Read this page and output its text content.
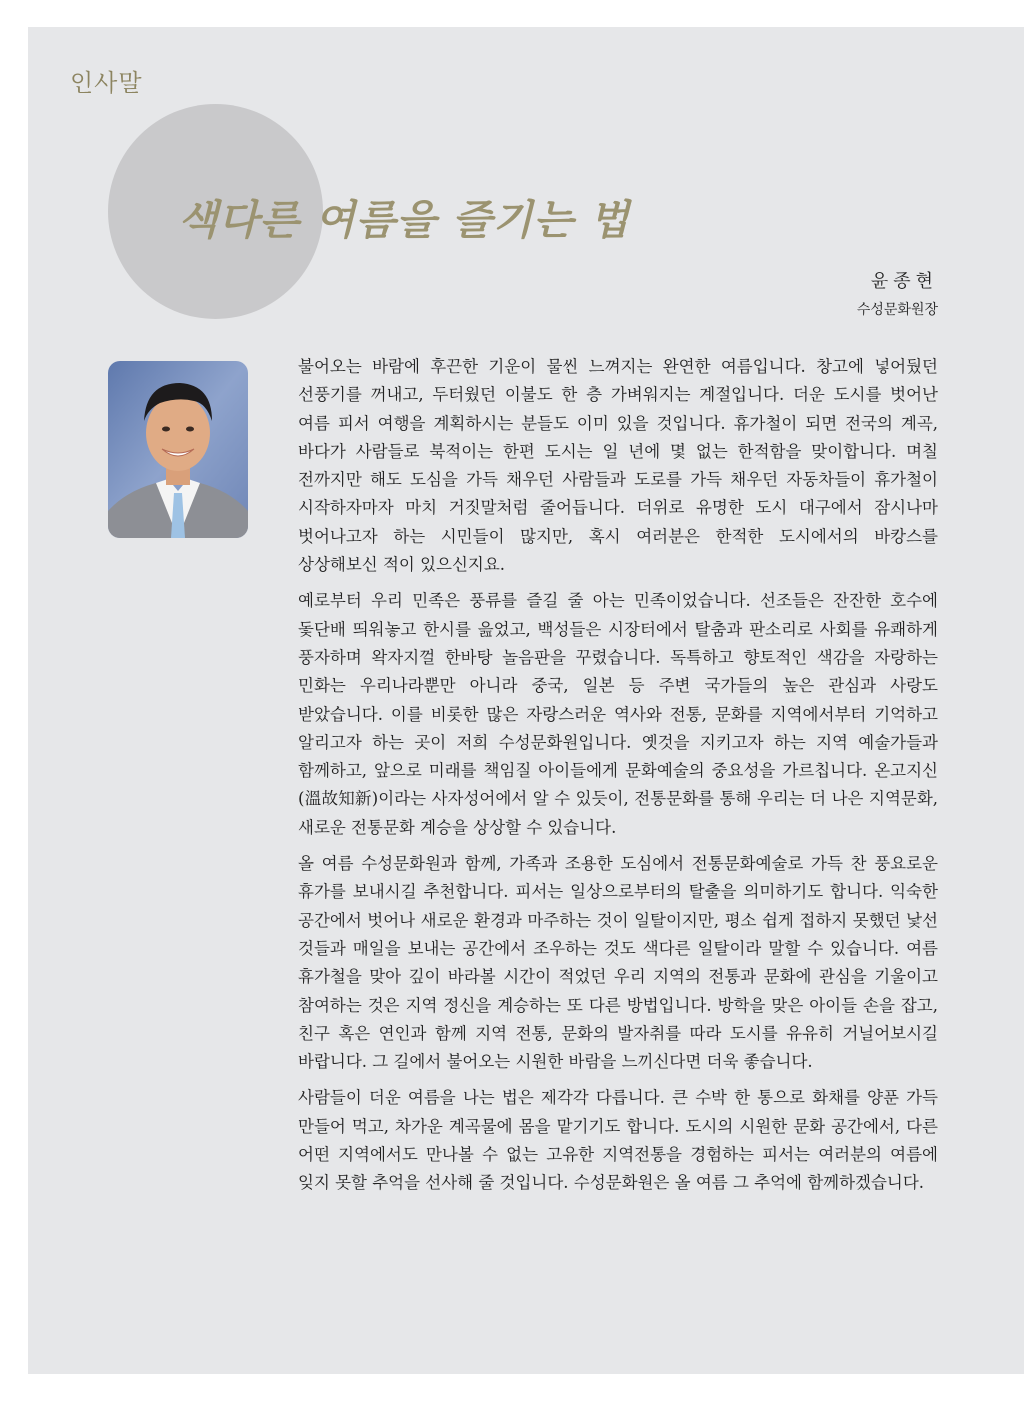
인사말
색다른 여름을 즐기는 법
윤종현
수성문화원장

불어오는 바람에 후끈한 기운이 물씬 느껴지는 완연한 여름입니다. 창고에 넣어뒀던 선풍기를 꺼내고, 두터웠던 이불도 한 층 가벼워지는 계절입니다. 더운 도시를 벗어난 여름 피서 여행을 계획하시는 분들도 이미 있을 것입니다. 휴가철이 되면 전국의 계곡, 바다가 사람들로 북적이는 한편 도시는 일 년에 몇 없는 한적함을 맞이합니다. 며칠 전까지만 해도 도심을 가득 채우던 사람들과 도로를 가득 채우던 자동차들이 휴가철이 시작하자마자 마치 거짓말처럼 줄어듭니다. 더위로 유명한 도시 대구에서 잠시나마 벗어나고자 하는 시민들이 많지만, 혹시 여러분은 한적한 도시에서의 바캉스를 상상해보신 적이 있으신지요.

예로부터 우리 민족은 풍류를 즐길 줄 아는 민족이었습니다. 선조들은 잔잔한 호수에 돛단배 띄워놓고 한시를 읊었고, 백성들은 시장터에서 탈춤과 판소리로 사회를 유쾌하게 풍자하며 왁자지껄 한바탕 놀음판을 꾸렸습니다. 독특하고 향토적인 색감을 자랑하는 민화는 우리나라뿐만 아니라 중국, 일본 등 주변 국가들의 높은 관심과 사랑도 받았습니다. 이를 비롯한 많은 자랑스러운 역사와 전통, 문화를 지역에서부터 기억하고 알리고자 하는 곳이 저희 수성문화원입니다. 옛것을 지키고자 하는 지역 예술가들과 함께하고, 앞으로 미래를 책임질 아이들에게 문화예술의 중요성을 가르칩니다. 온고지신(溫故知新)이라는 사자성어에서 알 수 있듯이, 전통문화를 통해 우리는 더 나은 지역문화, 새로운 전통문화 계승을 상상할 수 있습니다.

올 여름 수성문화원과 함께, 가족과 조용한 도심에서 전통문화예술로 가득 찬 풍요로운 휴가를 보내시길 추천합니다. 피서는 일상으로부터의 탈출을 의미하기도 합니다. 익숙한 공간에서 벗어나 새로운 환경과 마주하는 것이 일탈이지만, 평소 쉽게 접하지 못했던 낯선 것들과 매일을 보내는 공간에서 조우하는 것도 색다른 일탈이라 말할 수 있습니다. 여름 휴가철을 맞아 깊이 바라볼 시간이 적었던 우리 지역의 전통과 문화에 관심을 기울이고 참여하는 것은 지역 정신을 계승하는 또 다른 방법입니다. 방학을 맞은 아이들 손을 잡고, 친구 혹은 연인과 함께 지역 전통, 문화의 발자취를 따라 도시를 유유히 거닐어보시길 바랍니다. 그 길에서 불어오는 시원한 바람을 느끼신다면 더욱 좋습니다.

사람들이 더운 여름을 나는 법은 제각각 다릅니다. 큰 수박 한 통으로 화채를 양푼 가득 만들어 먹고, 차가운 계곡물에 몸을 맡기기도 합니다. 도시의 시원한 문화 공간에서, 다른 어떤 지역에서도 만나볼 수 없는 고유한 지역전통을 경험하는 피서는 여러분의 여름에 잊지 못할 추억을 선사해 줄 것입니다. 수성문화원은 올 여름 그 추억에 함께하겠습니다.
